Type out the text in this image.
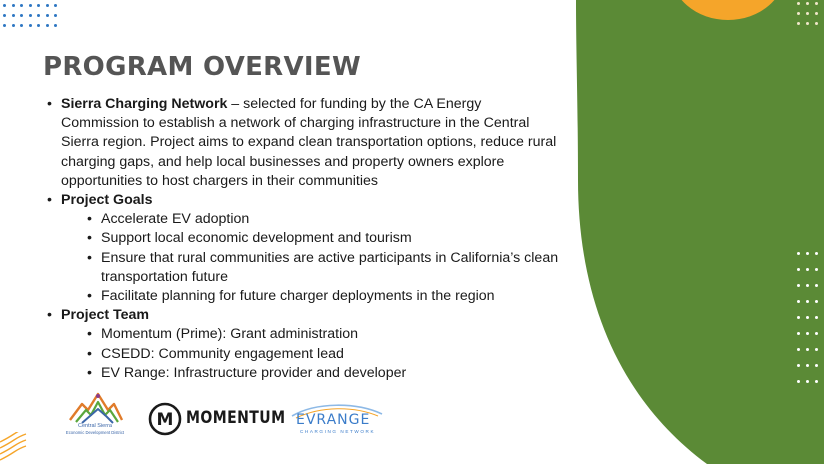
PROGRAM OVERVIEW
• Sierra Charging Network – selected for funding by the CA Energy Commission to establish a network of charging infrastructure in the Central Sierra region. Project aims to expand clean transportation options, reduce rural charging gaps, and help local businesses and property owners explore opportunities to host chargers in their communities
• Project Goals
• Accelerate EV adoption
• Support local economic development and tourism
• Ensure that rural communities are active participants in California’s clean transportation future
• Facilitate planning for future charger deployments in the region
• Project Team
• Momentum (Prime): Grant administration
• CSEDD: Community engagement lead
• EV Range: Infrastructure provider and developer
Central Sierra
Economic Development District
M MOMENTUM EVRANGE
CHARGING NETWORK
